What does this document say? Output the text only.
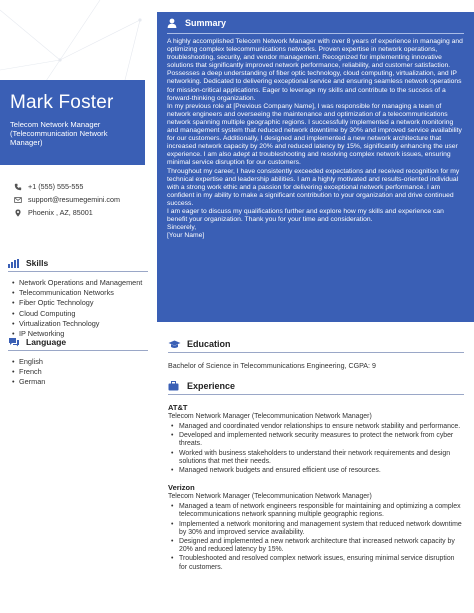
Mark Foster
Telecom Network Manager (Telecommunication Network Manager)
+1 (555) 555-555
support@resumegemini.com
Phoenix , AZ, 85001
Skills
• Network Operations and Management
• Telecommunication Networks
• Fiber Optic Technology
• Cloud Computing
• Virtualization Technology
• IP Networking
Language
• English
• French
• German
Summary

A highly accomplished Telecom Network Manager with over 8 years of experience in managing and optimizing complex telecommunications networks. Proven expertise in network operations, troubleshooting, security, and vendor management. Recognized for implementing innovative solutions that significantly improved network performance, reliability, and customer satisfaction. Possesses a deep understanding of fiber optic technology, cloud computing, virtualization, and IP networking. Dedicated to delivering exceptional service and ensuring seamless network operations for mission-critical applications. Eager to leverage my skills and contribute to the success of a forward-thinking organization.

In my previous role at [Previous Company Name], I was responsible for managing a team of network engineers and overseeing the maintenance and optimization of a telecommunications network spanning multiple geographic regions. I successfully implemented a network monitoring and management system that reduced network downtime by 30% and improved service availability for our customers. Additionally, I designed and implemented a new network architecture that increased network capacity by 20% and reduced latency by 15%, significantly enhancing the user experience. I am also adept at troubleshooting and resolving complex network issues, ensuring minimal service disruption for our customers.

Throughout my career, I have consistently exceeded expectations and received recognition for my technical expertise and leadership abilities. I am a highly motivated and results-oriented individual with a strong work ethic and a passion for delivering exceptional network performance. I am confident in my ability to make a significant contribution to your organization and drive continued success.

I am eager to discuss my qualifications further and explore how my skills and experience can benefit your organization. Thank you for your time and consideration.

Sincerely,

[Your Name]

Education
Bachelor of Science in Telecommunications Engineering, CGPA: 9
Experience
AT&T
Telecom Network Manager (Telecommunication Network Manager)
• Managed and coordinated vendor relationships to ensure network stability and performance.
• Developed and implemented network security measures to protect the network from cyber threats.
• Worked with business stakeholders to understand their network requirements and design solutions that met their needs.
• Managed network budgets and ensured efficient use of resources.
Verizon
Telecom Network Manager (Telecommunication Network Manager)
• Managed a team of network engineers responsible for maintaining and optimizing a complex telecommunications network spanning multiple geographic regions.
• Implemented a network monitoring and management system that reduced network downtime by 30% and improved service availability.
• Designed and implemented a new network architecture that increased network capacity by 20% and reduced latency by 15%.
• Troubleshooted and resolved complex network issues, ensuring minimal service disruption for customers.
